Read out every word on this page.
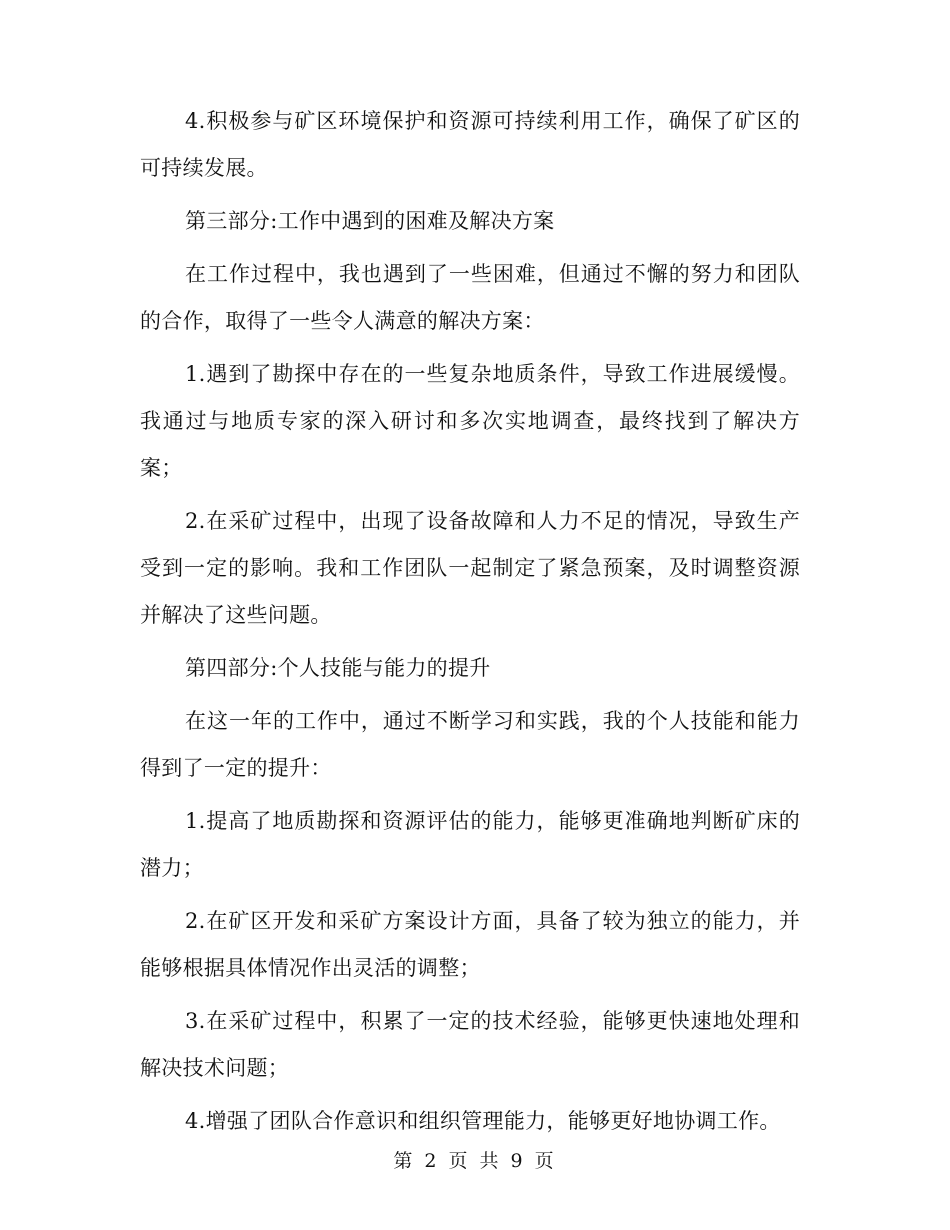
4.积极参与矿区环境保护和资源可持续利用工作，确保了矿区的可持续发展。

第三部分:工作中遇到的困难及解决方案

在工作过程中，我也遇到了一些困难，但通过不懈的努力和团队的合作，取得了一些令人满意的解决方案：

1.遇到了勘探中存在的一些复杂地质条件，导致工作进展缓慢。我通过与地质专家的深入研讨和多次实地调查，最终找到了解决方案；

2.在采矿过程中，出现了设备故障和人力不足的情况，导致生产受到一定的影响。我和工作团队一起制定了紧急预案，及时调整资源并解决了这些问题。

第四部分:个人技能与能力的提升

在这一年的工作中，通过不断学习和实践，我的个人技能和能力得到了一定的提升：

1.提高了地质勘探和资源评估的能力，能够更准确地判断矿床的潜力；

2.在矿区开发和采矿方案设计方面，具备了较为独立的能力，并能够根据具体情况作出灵活的调整；

3.在采矿过程中，积累了一定的技术经验，能够更快速地处理和解决技术问题；

4.增强了团队合作意识和组织管理能力，能够更好地协调工作。

第 2 页 共 9 页
